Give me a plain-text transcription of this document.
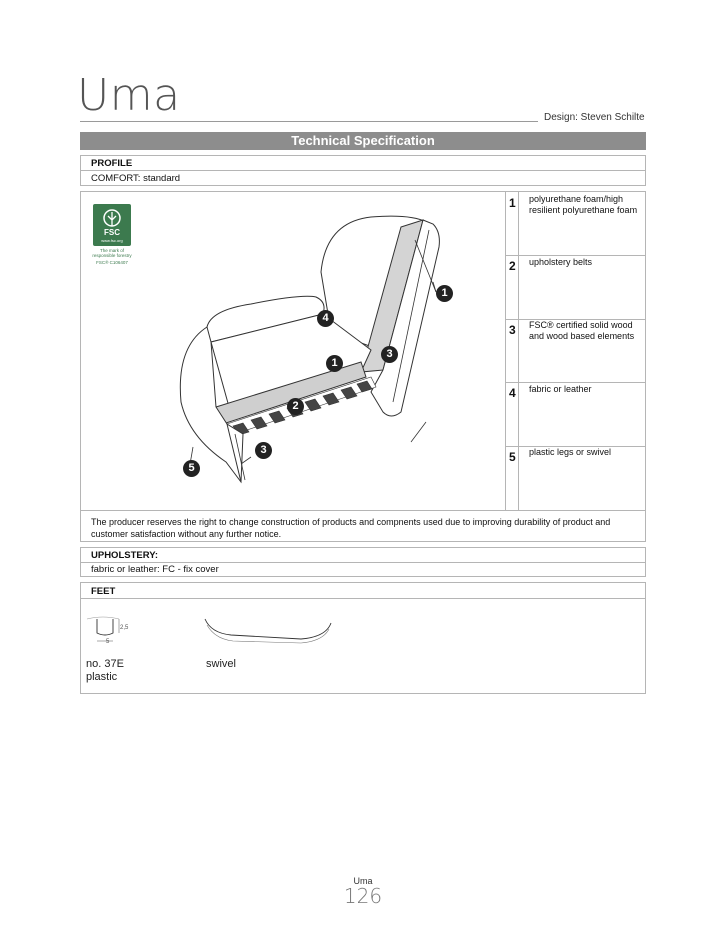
Uma	Design: Steven Schilte
Technical Specification
PROFILE
COMFORT: standard
FSC
www.fsc.org
The mark of responsible forestry
FSC® C106407
1
1
2
3
3
4
5
1 polyurethane foam/high resilient polyurethane foam
2 upholstery belts
3 FSC® certified solid wood and wood based elements
4 fabric or leather
5 plastic legs or swivel
The producer reserves the right to change construction of products and compnents used due to improving durability of product and customer satisfaction without any further notice.
UPHOLSTERY:
fabric or leather: FC - fix cover
FEET
2,5
5
no. 37E
plastic
swivel
Uma
126
